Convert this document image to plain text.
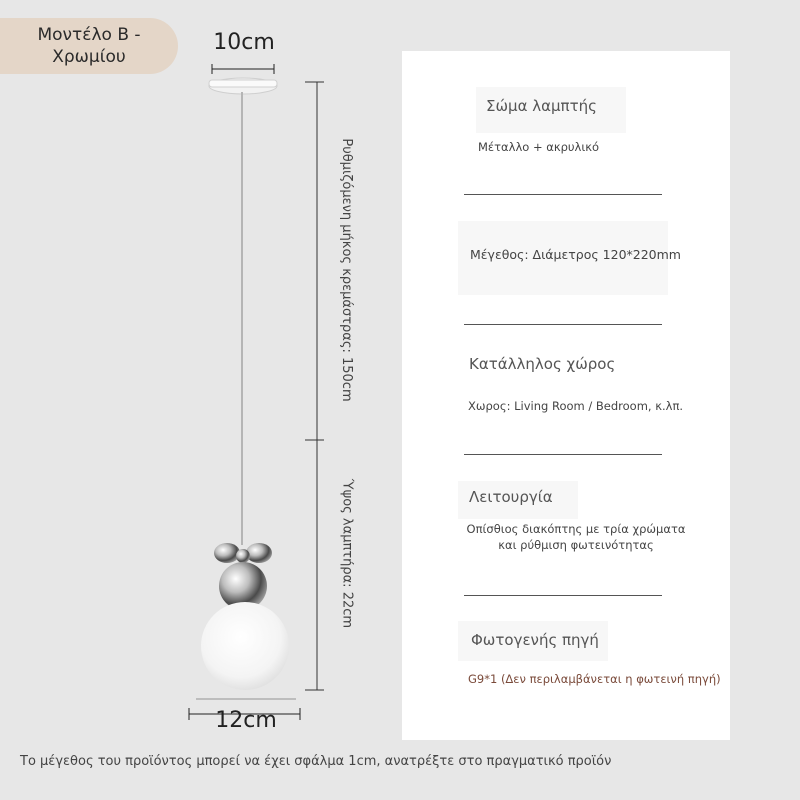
Μοντέλο Β -
Χρωμίου
10cm
12cm
Ρυθμιζόμενη μήκος κρεμάστρας: 150cm
Ύψος λαμπτήρα: 22cm
Σώμα λαμπτής
Μέταλλο + ακρυλικό
Μέγεθος: Διάμετρος 120*220mm
Κατάλληλος χώρος
Χωρος: Living Room / Bedroom, κ.λπ.
Λειτουργία
Οπίσθιος διακόπτης με τρία χρώματα και ρύθμιση φωτεινότητας
Φωτογενής πηγή
G9*1 (Δεν περιλαμβάνεται η φωτεινή πηγή)
Το μέγεθος του προϊόντος μπορεί να έχει σφάλμα 1cm, ανατρέξτε στο πραγματικό προϊόν
